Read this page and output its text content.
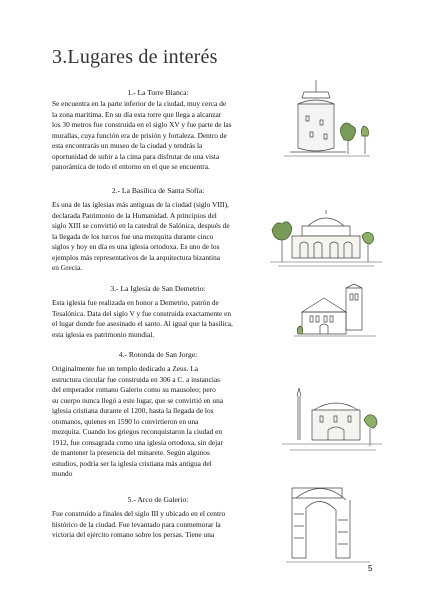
3.Lugares de interés
1.- La Torre Blanca:
Se encuentra en la parte inferior de la ciudad, muy cerca de
la zona marítima. En su día esta torre que llega a alcanzar
los 30 metros fue construida en el siglo XV y fue parte de las
murallas, cuya función era de prisión y fortaleza. Dentro de
esta encontrarás un museo de la ciudad y tendrás la
oportunidad de subir a la cima para disfrutar de una vista
panorámica de todo el entorno en el que se encuentra.
2.- La Basílica de Santa Sofía:
Es una de las iglesias más antiguas de la ciudad (siglo VIII),
declarada Patrimonio de la Humanidad. A principios del
siglo XIII se convirtió en la catedral de Salónica, después de
la llegada de los turcos fue una mezquita durante cinco
siglos y hoy en día es una iglesia ortodoxa. Es uno de los
ejemplos más representativos de la arquitectura bizantina
en Grecia.
3.- La Iglesia de San Demetrio:
Esta iglesia fue realizada en honor a Demetrio, patrón de
Tesalónica. Data del siglo V y fue construida exactamente en
el lugar donde fue asesinado el santo. Al igual que la basílica,
esta iglesia es patrimonio mundial.
4.- Rotonda de San Jorge:
Originalmente fue un templo dedicado a Zeus. La
estructura circular fue construida en 306 a C. a instancias
del emperador romano Galerio como su mausoleo; pero
su cuerpo nunca llegó a este lugar, que se convirtió en una
iglesia cristiana durante el 1200, hasta la llegada de los
otomanos, quienes en 1590 lo convirtieron en una
mezquita. Cuando los griegos reconquistaron la ciudad en
1912, fue consagrada como una iglesia ortodoxa, sin dejar
de mantener la presencia del minarete. Según algunos
estudios, podría ser la iglesia cristiana más antigua del
mundo
5.- Arco de Galerio:
Fue construido a finales del siglo III y ubicado en el centro
histórico de la ciudad. Fue levantado para conmemorar la
victoria del ejército romano sobre los persas. Tiene una
5
